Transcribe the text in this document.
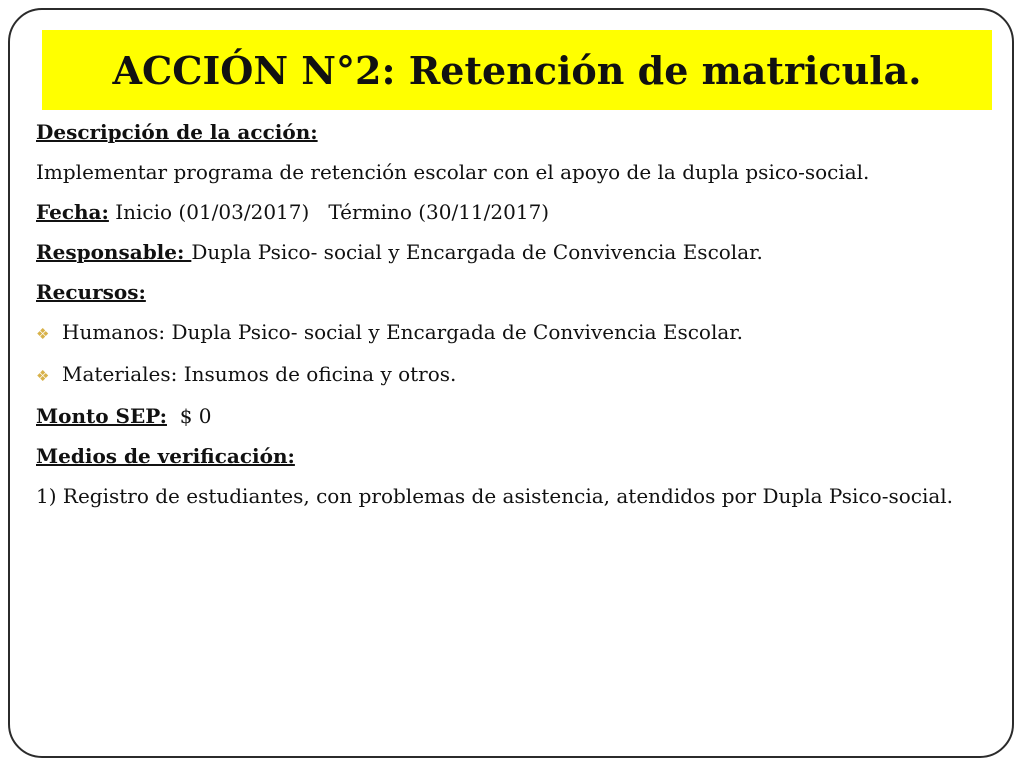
ACCIÓN N°2: Retención de matricula.

Descripción de la acción:

Implementar programa de retención escolar con el apoyo de la dupla psico-social.

Fecha: Inicio (01/03/2017) Término (30/11/2017)

Responsable: Dupla Psico- social y Encargada de Convivencia Escolar.

Recursos:

❖ Humanos: Dupla Psico- social y Encargada de Convivencia Escolar.
❖ Materiales: Insumos de oficina y otros.

Monto SEP: $ 0

Medios de verificación:

1) Registro de estudiantes, con problemas de asistencia, atendidos por Dupla Psico-social.
